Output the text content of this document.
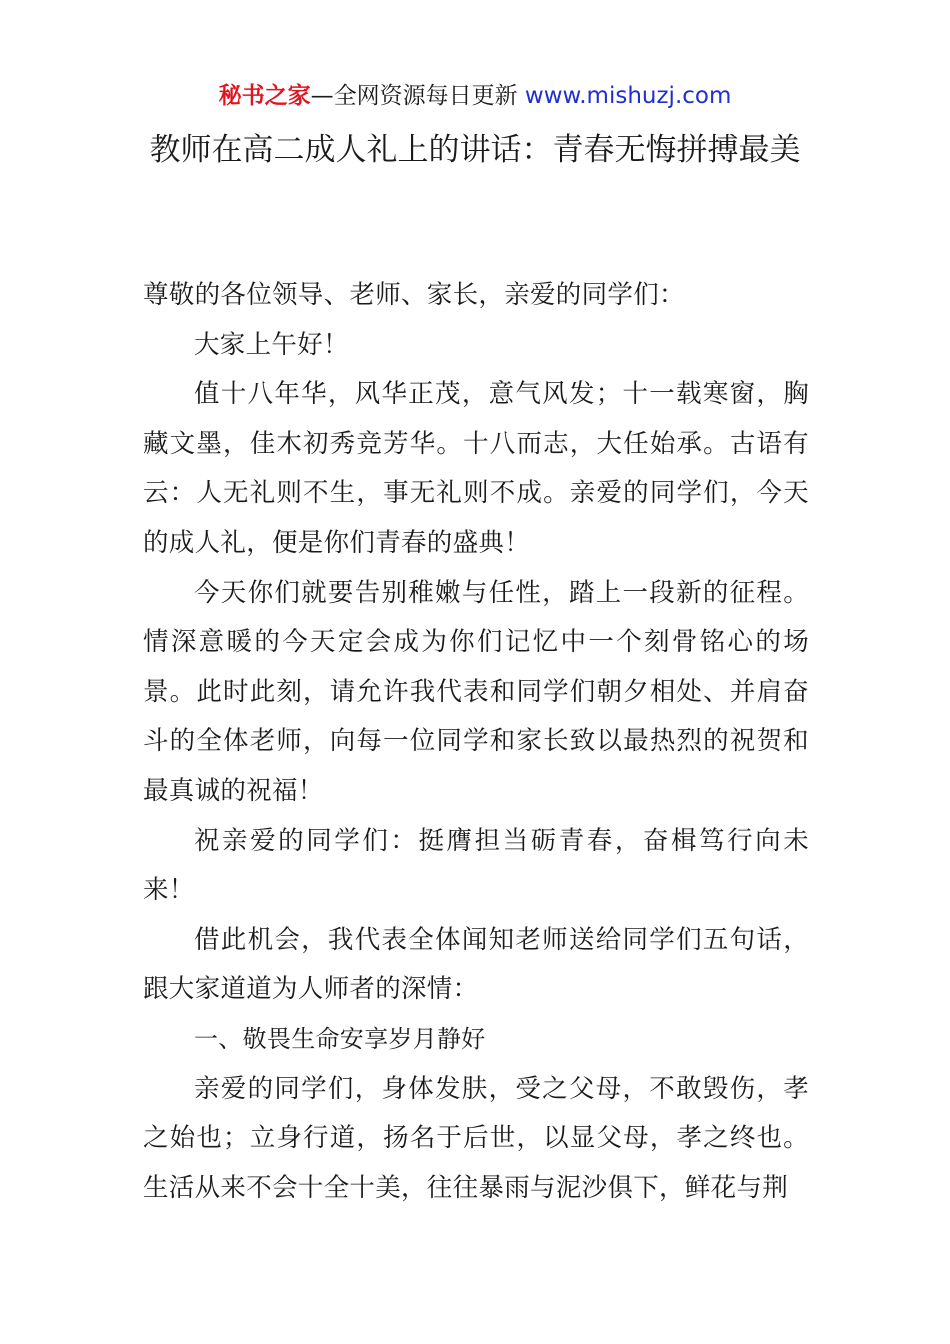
秘书之家—全网资源每日更新 www.mishuzj.com
教师在高二成人礼上的讲话：青春无悔拼搏最美

尊敬的各位领导、老师、家长，亲爱的同学们：

大家上午好！

值十八年华，风华正茂，意气风发；十一载寒窗，胸藏文墨，佳木初秀竞芳华。十八而志，大任始承。古语有云：人无礼则不生，事无礼则不成。亲爱的同学们，今天的成人礼，便是你们青春的盛典！

今天你们就要告别稚嫩与任性，踏上一段新的征程。情深意暖的今天定会成为你们记忆中一个刻骨铭心的场景。此时此刻，请允许我代表和同学们朝夕相处、并肩奋斗的全体老师，向每一位同学和家长致以最热烈的祝贺和最真诚的祝福！

祝亲爱的同学们：挺膺担当砺青春，奋楫笃行向未来！

借此机会，我代表全体闻知老师送给同学们五句话，跟大家道道为人师者的深情：

一、敬畏生命安享岁月静好

亲爱的同学们，身体发肤，受之父母，不敢毁伤，孝之始也；立身行道，扬名于后世，以显父母，孝之终也。生活从来不会十全十美，往往暴雨与泥沙俱下，鲜花与荆
